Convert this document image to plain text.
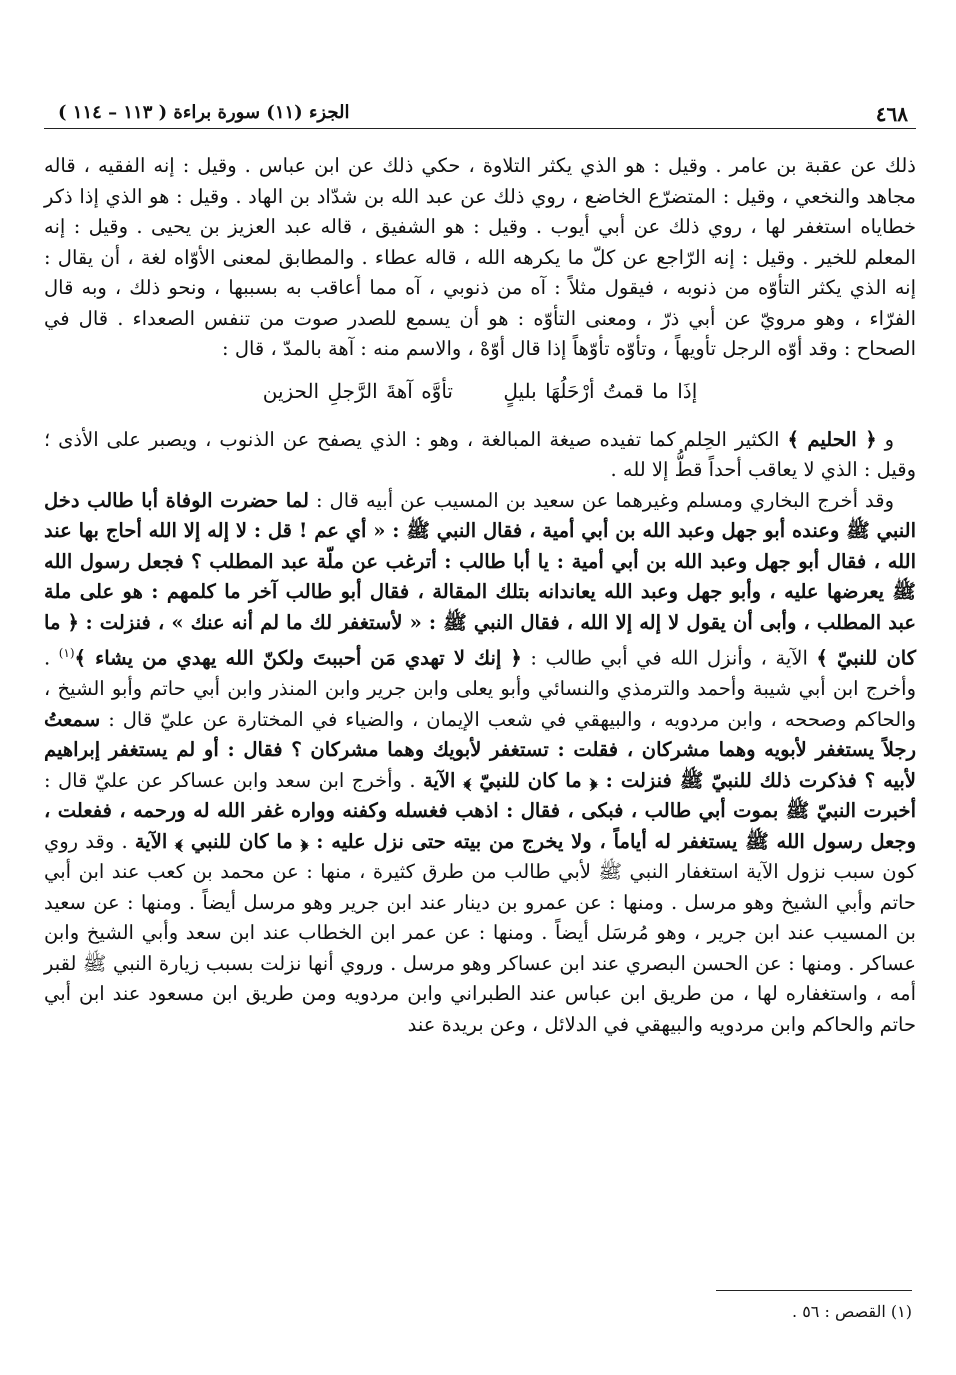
٤٦٨
الجزء (١١) سورة براءة ( ١١٣ – ١١٤ )

ذلك عن عقبة بن عامر . وقيل : هو الذي يكثر التلاوة ، حكي ذلك عن ابن عباس . وقيل : إنه الفقيه ، قاله مجاهد والنخعي ، وقيل : المتضرّع الخاضع ، روي ذلك عن عبد الله بن شدّاد بن الهاد . وقيل : هو الذي إذا ذكر خطاياه استغفر لها ، روي ذلك عن أبي أيوب . وقيل : هو الشفيق ، قاله عبد العزيز بن يحيى . وقيل : إنه المعلم للخير . وقيل : إنه الرّاجع عن كلّ ما يكرهه الله ، قاله عطاء . والمطابق لمعنى الأوّاه لغة ، أن يقال : إنه الذي يكثر التأوّه من ذنوبه ، فيقول مثلاً : آه من ذنوبي ، آه مما أعاقب به بسببها ، ونحو ذلك ، وبه قال الفرّاء ، وهو مرويّ عن أبي ذرّ ، ومعنى التأوّه : هو أن يسمع للصدر صوت من تنفس الصعداء . قال في الصحاح : وقد أوّه الرجل تأويهاً ، وتأوّه تأوّهاً إذا قال أوّهْ ، والاسم منه : آهة بالمدّ ، قال :

إذَا ما قمتُ أرْحَلُهَا بليلٍ تأوَّه آهةَ الرَّجلِ الحزين

و ﴿ الحليم ﴾ الكثير الحِلم كما تفيده صيغة المبالغة ، وهو : الذي يصفح عن الذنوب ، ويصبر على الأذى ؛ وقيل : الذي لا يعاقب أحداً قطُّ إلا لله .

وقد أخرج البخاري ومسلم وغيرهما عن سعيد بن المسيب عن أبيه قال : لما حضرت الوفاة أبا طالب دخل النبي ﷺ وعنده أبو جهل وعبد الله بن أبي أمية ، فقال النبي ﷺ : « أي عم ! قل : لا إله إلا الله أحاج بها عند الله ، فقال أبو جهل وعبد الله بن أبي أمية : يا أبا طالب : أترغب عن ملّة عبد المطلب ؟ فجعل رسول الله ﷺ يعرضها عليه ، وأبو جهل وعبد الله يعاندانه بتلك المقالة ، فقال أبو طالب آخر ما كلمهم : هو على ملة عبد المطلب ، وأبى أن يقول لا إله إلا الله ، فقال النبي ﷺ : « لأستغفر لك ما لم أنه عنك » ، فنزلت : ﴿ ما كان للنبيّ ﴾ الآية ، وأنزل الله في أبي طالب : ﴿ إنك لا تهدي مَن أحببتَ ولكنّ الله يهدي من يشاء ﴾$^{(١)}$ . وأخرج ابن أبي شيبة وأحمد والترمذي والنسائي وأبو يعلى وابن جرير وابن المنذر وابن أبي حاتم وأبو الشيخ ، والحاكم وصححه ، وابن مردويه ، والبيهقي في شعب الإيمان ، والضياء في المختارة عن عليّ قال : سمعتُ رجلاً يستغفر لأبويه وهما مشركان ، فقلت : تستغفر لأبويك وهما مشركان ؟ فقال : أو لم يستغفر إبراهيم لأبيه ؟ فذكرت ذلك للنبيّ ﷺ فنزلت : ﴿ ما كان للنبيّ ﴾ الآية . وأخرج ابن سعد وابن عساكر عن عليّ قال : أخبرت النبيّ ﷺ بموت أبي طالب ، فبكى ، فقال : اذهب فغسله وكفنه وواره غفر الله له ورحمه ، ففعلت ، وجعل رسول الله ﷺ يستغفر له أياماً ، ولا يخرج من بيته حتى نزل عليه : ﴿ ما كان للنبي ﴾ الآية . وقد روي كون سبب نزول الآية استغفار النبي ﷺ لأبي طالب من طرق كثيرة ، منها : عن محمد بن كعب عند ابن أبي حاتم وأبي الشيخ وهو مرسل . ومنها : عن عمرو بن دينار عند ابن جرير وهو مرسل أيضاً . ومنها : عن سعيد بن المسيب عند ابن جرير ، وهو مُرسَل أيضاً . ومنها : عن عمر ابن الخطاب عند ابن سعد وأبي الشيخ وابن عساكر . ومنها : عن الحسن البصري عند ابن عساكر وهو مرسل . وروي أنها نزلت بسبب زيارة النبي ﷺ لقبر أمه ، واستغفاره لها ، من طريق ابن عباس عند الطبراني وابن مردويه ومن طريق ابن مسعود عند ابن أبي حاتم والحاكم وابن مردويه والبيهقي في الدلائل ، وعن بريدة عند

(١) القصص : ٥٦ .
